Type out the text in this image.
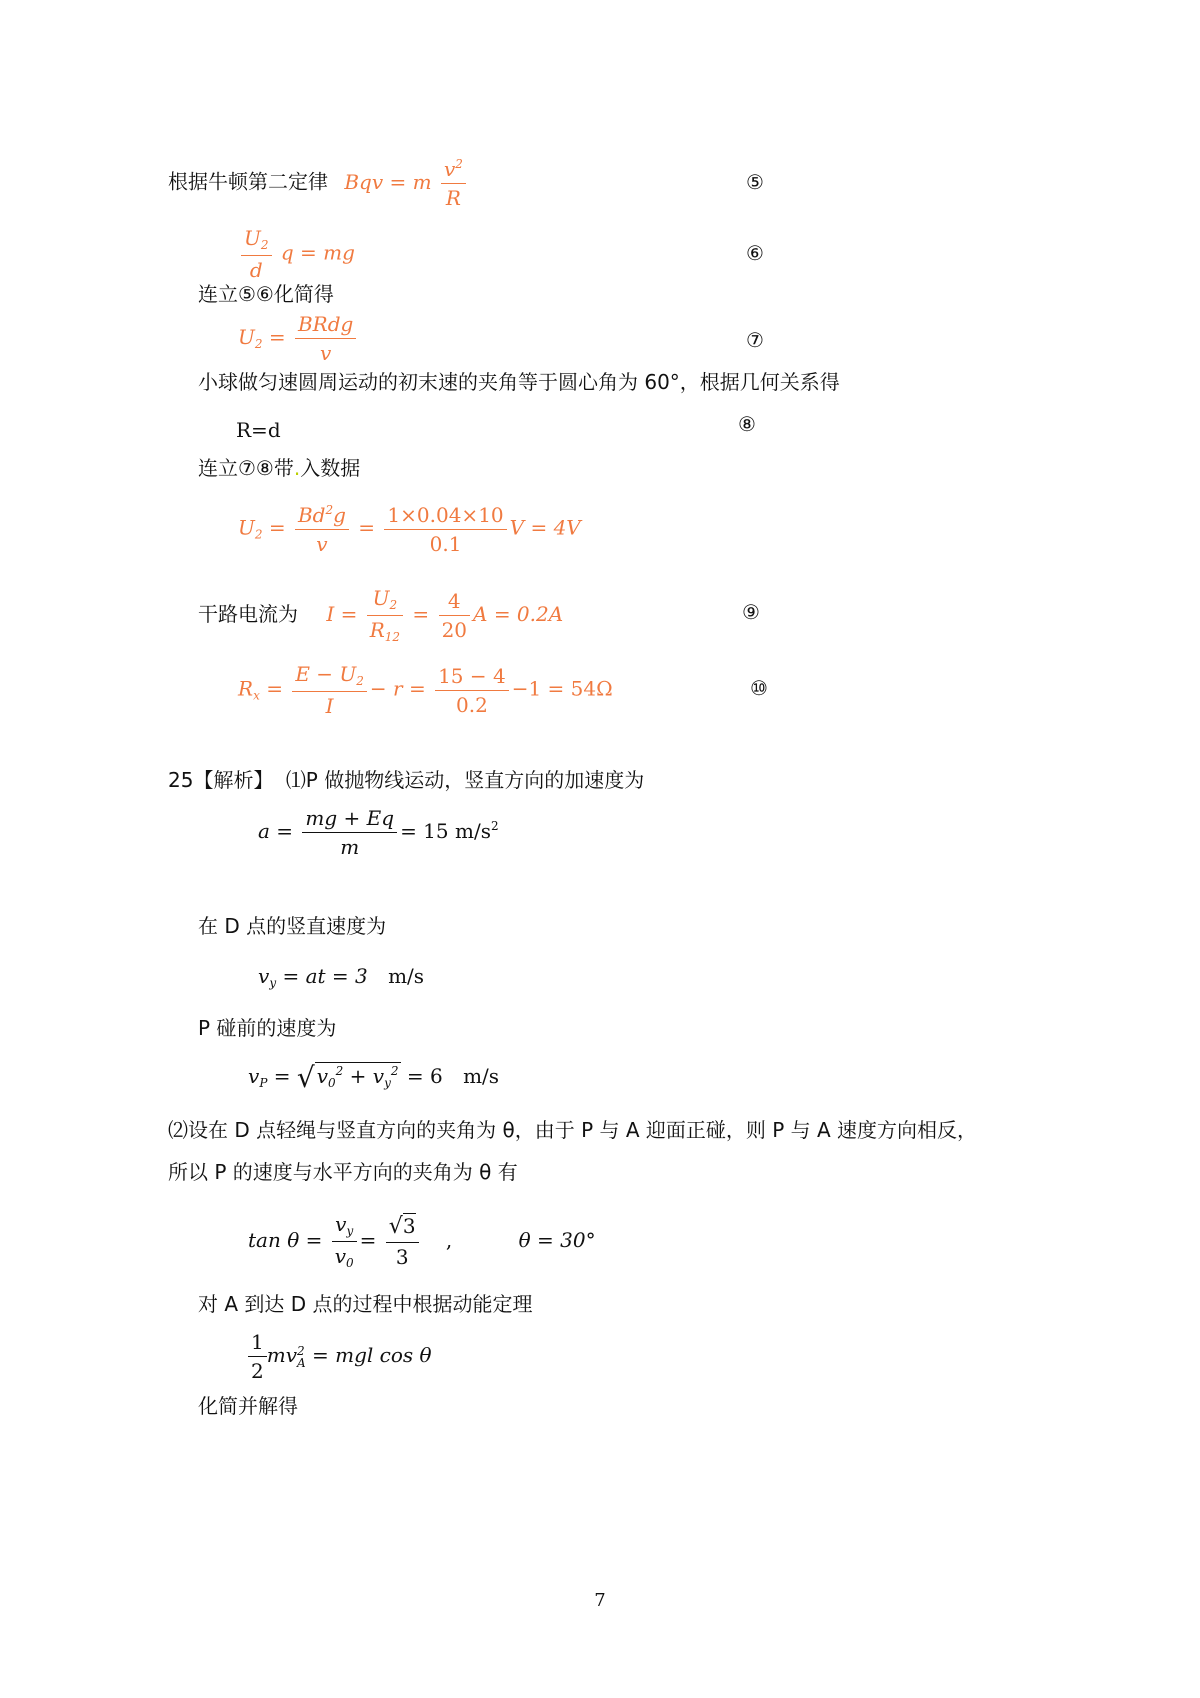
根据牛顿第二定律 Bqv = m $\frac{v^2}{R}$	⑤
$\frac{U_2}{d}$ q = mg	⑥
连立⑤⑥化简得
$U_2 = \frac{\text{BRdg}}{v}$	⑦
小球做匀速圆周运动的初末速的夹角等于圆心角为 60°，根据几何关系得
R=d	⑧
连立⑦⑧带.入数据
$U_2 = \frac{Bd^2g}{v} = \frac{1\times 0.04\times 10}{0.1}$ V = 4V
干路电流为 $I = \frac{U_2}{R_{12}} = \frac{4}{20}$ A = 0.2A	⑨
$R_x = \frac{E - U_2}{I} - r = \frac{15 - 4}{0.2} -1 = 54\Omega$	⑩
25【解析】 ⑴P 做抛物线运动，竖直方向的加速度为
$a = \frac{mg + Eq}{m} = 15$ $m/s^2$
在 D 点的竖直速度为
$v_y$ = at = 3 m/s
P 碰前的速度为
$v_P$ = √ $v_0^2 + v_y^2 = 6$ m/s
⑵设在 D 点轻绳与竖直方向的夹角为 θ，由于 P 与 A 迎面正碰，则 P 与 A 速度方向相反，
所以 P 的速度与水平方向的夹角为 θ 有
$\tan \theta = \frac{v_y}{v_0} = \frac{√3}{3}$ ,	θ = 30°
对 A 到达 D 点的过程中根据动能定理
$\frac{1}{2}$ mv 2
A = mgl cos θ
化简并解得
7
